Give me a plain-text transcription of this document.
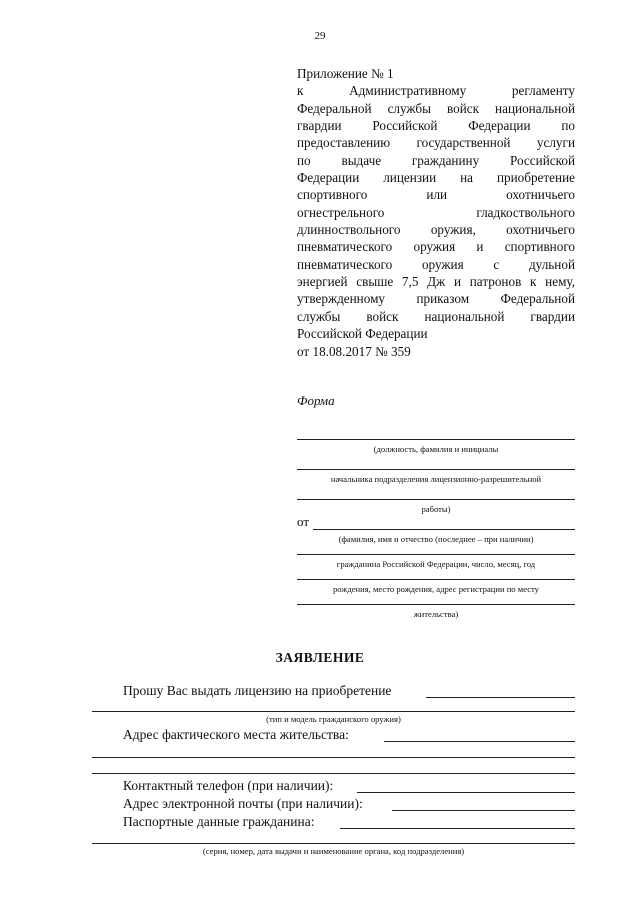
29
Приложение № 1
к Административному регламенту
Федеральной службы войск национальной
гвардии Российской Федерации по
предоставлению государственной услуги
по выдаче гражданину Российской
Федерации лицензии на приобретение
спортивного или охотничьего
огнестрельного гладкоствольного
длинноствольного оружия, охотничьего
пневматического оружия и спортивного
пневматического оружия с дульной
энергией свыше 7,5 Дж и патронов к нему,
утвержденному приказом Федеральной
службы войск национальной гвардии
Российской Федерации
от 18.08.2017 № 359
Форма
(должность, фамилия и инициалы
начальника подразделения лицензионно-разрешительной
работы)
от
(фамилия, имя и отчество (последнее – при наличии)
гражданина Российской Федерации, число, месяц, год
рождения, место рождения, адрес регистрации по месту
жительства)
ЗАЯВЛЕНИЕ
Прошу Вас выдать лицензию на приобретение
(тип и модель гражданского оружия)
Адрес фактического места жительства:
Контактный телефон (при наличии):
Адрес электронной почты (при наличии):
Паспортные данные гражданина:
(серия, номер, дата выдачи и наименование органа, код подразделения)
